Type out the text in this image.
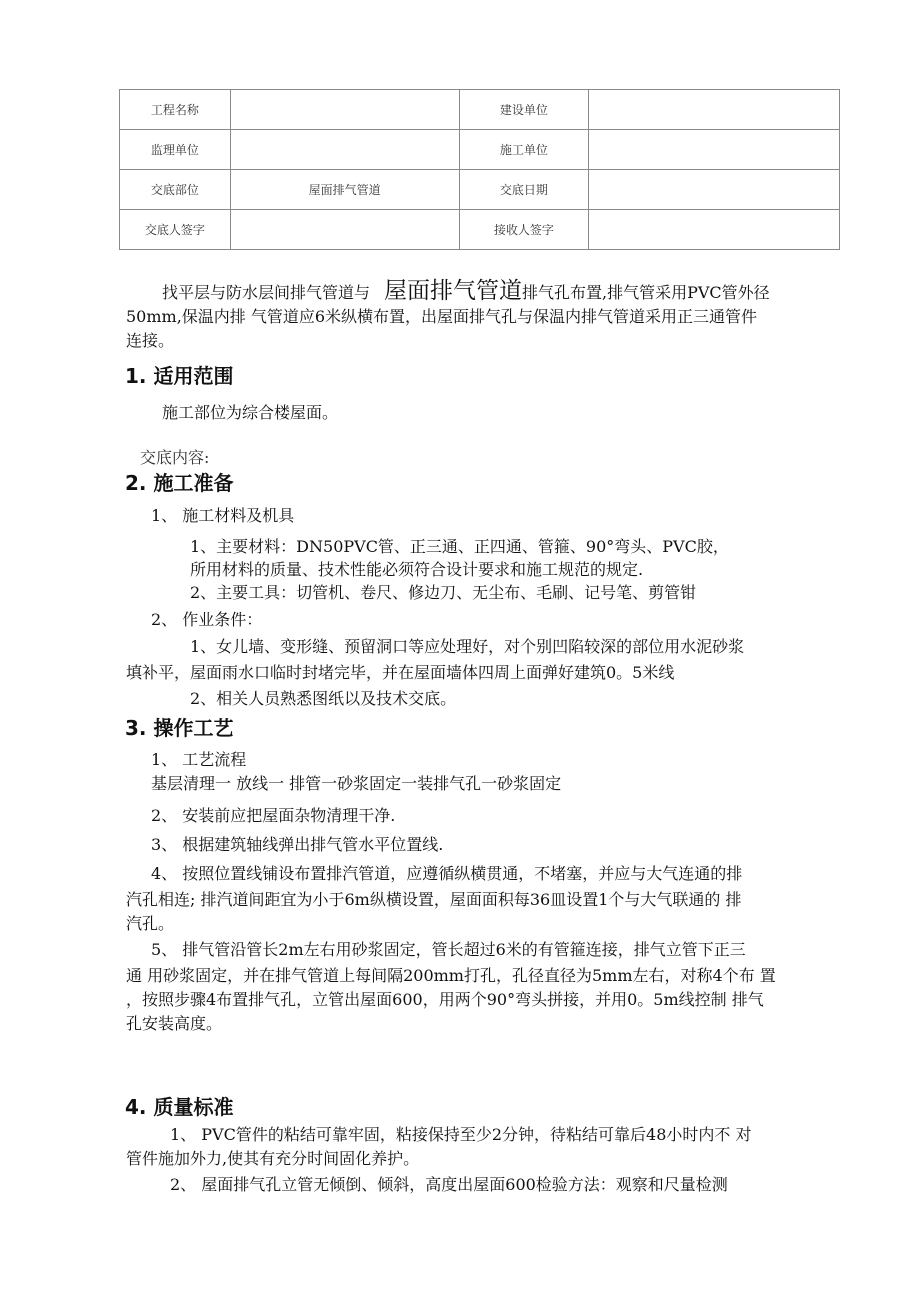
工程名称		建设单位	
监理单位		施工单位	
交底部位	屋面排气管道	交底日期	
交底人签字		接收人签字	
找平层与防水层间排气管道与 屋面排气管道排气孔布置,排气管采用PVC管外径
50mm,保温内排 气管道应6米纵横布置，出屋面排气孔与保温内排气管道采用正三通管件
连接。
1. 适用范围
施工部位为综合楼屋面。
交底内容:
2. 施工准备
1、 施工材料及机具
1、主要材料：DN50PVC管、正三通、正四通、管箍、90°弯头、PVC胶，
所用材料的质量、技术性能必须符合设计要求和施工规范的规定.
2、主要工具：切管机、卷尺、修边刀、无尘布、毛刷、记号笔、剪管钳
2、 作业条件：
1、女儿墙、变形缝、预留洞口等应处理好，对个别凹陷较深的部位用水泥砂浆
填补平，屋面雨水口临时封堵完毕，并在屋面墙体四周上面弹好建筑0。5米线
2、相关人员熟悉图纸以及技术交底。
3. 操作工艺
1、 工艺流程
基层清理一 放线一 排管一砂浆固定一装排气孔一砂浆固定
2、 安装前应把屋面杂物清理干净.
3、 根据建筑轴线弹出排气管水平位置线.
4、 按照位置线铺设布置排汽管道，应遵循纵横贯通，不堵塞，并应与大气连通的排
汽孔相连; 排汽道间距宜为小于6m纵横设置，屋面面积每36皿设置1个与大气联通的 排
汽孔。
5、 排气管沿管长2m左右用砂浆固定，管长超过6米的有管箍连接，排气立管下正三
通 用砂浆固定，并在排气管道上每间隔200mm打孔，孔径直径为5mm左右，对称4个布 置
，按照步骤4布置排气孔，立管出屋面600，用两个90°弯头拼接，并用0。5m线控制 排气
孔安装高度。
4. 质量标准
1、 PVC管件的粘结可靠牢固，粘接保持至少2分钟，待粘结可靠后48小时内不 对
管件施加外力,使其有充分时间固化养护。
2、 屋面排气孔立管无倾倒、倾斜，高度出屋面600检验方法：观察和尺量检测
